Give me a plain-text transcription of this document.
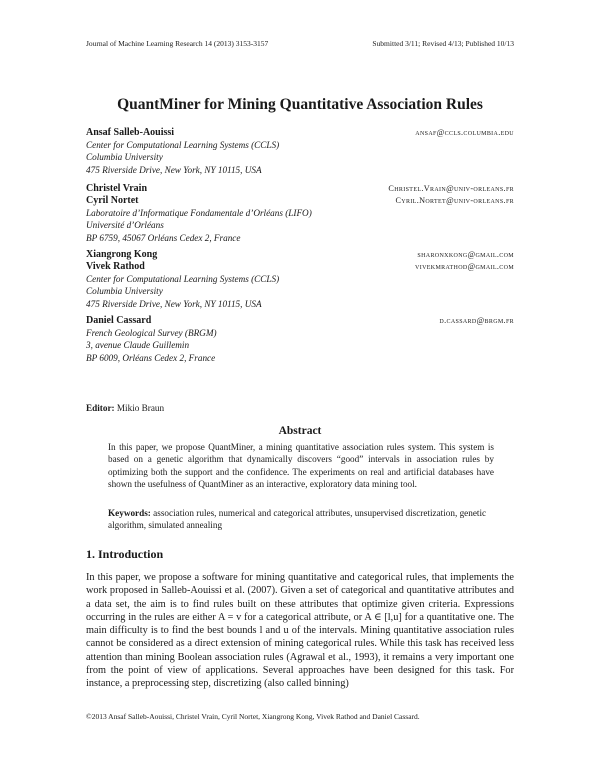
Journal of Machine Learning Research 14 (2013) 3153-3157	Submitted 3/11; Revised 4/13; Published 10/13
QuantMiner for Mining Quantitative Association Rules
Ansaf Salleb-Aouissi	ansaf@ccls.columbia.edu
Center for Computational Learning Systems (CCLS)
Columbia University
475 Riverside Drive, New York, NY 10115, USA
Christel Vrain	Christel.Vrain@univ-orleans.fr
Cyril Nortet	Cyril.Nortet@univ-orleans.fr
Laboratoire d’Informatique Fondamentale d’Orléans (LIFO)
Université d’Orléans
BP 6759, 45067 Orléans Cedex 2, France
Xiangrong Kong	sharonxkong@gmail.com
Vivek Rathod	vivekmrathod@gmail.com
Center for Computational Learning Systems (CCLS)
Columbia University
475 Riverside Drive, New York, NY 10115, USA
Daniel Cassard	d.cassard@brgm.fr
French Geological Survey (BRGM)
3, avenue Claude Guillemin
BP 6009, Orléans Cedex 2, France
Editor: Mikio Braun
Abstract
In this paper, we propose QuantMiner, a mining quantitative association rules system. This system is based on a genetic algorithm that dynamically discovers “good” intervals in association rules by optimizing both the support and the confidence. The experiments on real and artificial databases have shown the usefulness of QuantMiner as an interactive, exploratory data mining tool.
Keywords: association rules, numerical and categorical attributes, unsupervised discretization, genetic algorithm, simulated annealing
1. Introduction
In this paper, we propose a software for mining quantitative and categorical rules, that implements the work proposed in Salleb-Aouissi et al. (2007). Given a set of categorical and quantitative attributes and a data set, the aim is to find rules built on these attributes that optimize given criteria. Expressions occurring in the rules are either A = v for a categorical attribute, or A ∈ [l,u] for a quantitative one. The main difficulty is to find the best bounds l and u of the intervals. Mining quantitative association rules cannot be considered as a direct extension of mining categorical rules. While this task has received less attention than mining Boolean association rules (Agrawal et al., 1993), it remains a very important one from the point of view of applications. Several approaches have been designed for this task. For instance, a preprocessing step, discretizing (also called binning)
©2013 Ansaf Salleb-Aouissi, Christel Vrain, Cyril Nortet, Xiangrong Kong, Vivek Rathod and Daniel Cassard.
